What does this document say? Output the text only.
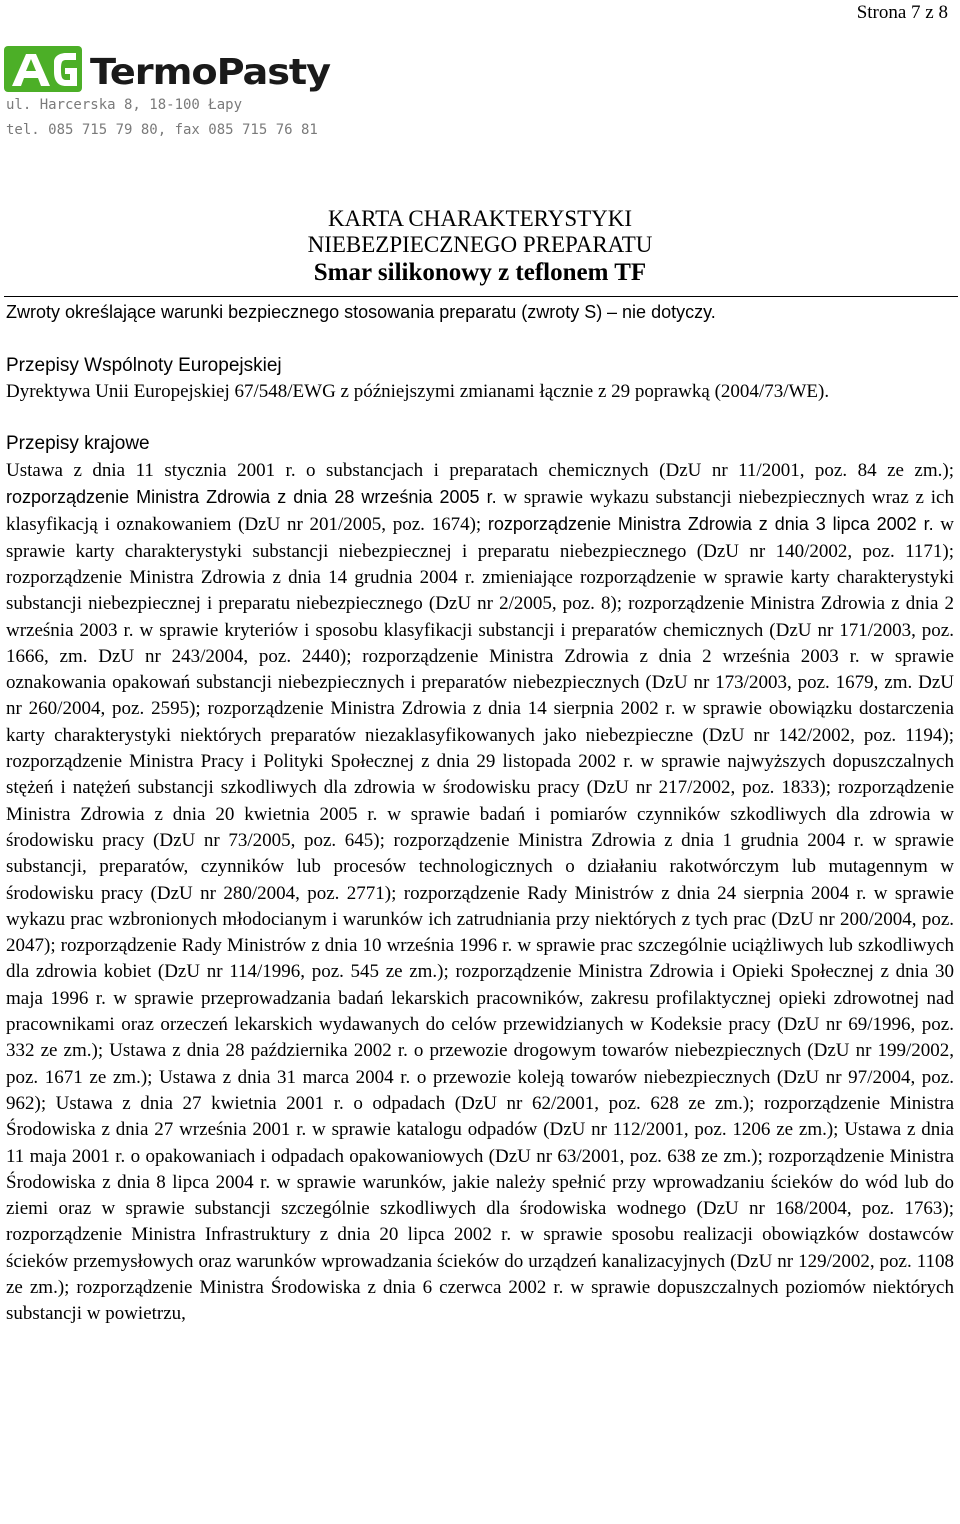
Strona 7 z 8
TermoPasty
ul. Harcerska 8, 18-100 Łapy
tel. 085 715 79 80, fax 085 715 76 81
KARTA CHARAKTERYSTYKI
NIEBEZPIECZNEGO PREPARATU
Smar silikonowy z teflonem TF

Zwroty określające warunki bezpiecznego stosowania preparatu (zwroty S) – nie dotyczy.

Przepisy Wspólnoty Europejskiej

Dyrektywa Unii Europejskiej 67/548/EWG z późniejszymi zmianami łącznie z 29 poprawką (2004/73/WE).

Przepisy krajowe

Ustawa z dnia 11 stycznia 2001 r. o substancjach i preparatach chemicznych (DzU nr 11/2001, poz. 84 ze zm.); rozporządzenie Ministra Zdrowia z dnia 28 września 2005 r. w sprawie wykazu substancji niebezpiecznych wraz z ich klasyfikacją i oznakowaniem (DzU nr 201/2005, poz. 1674); rozporządzenie Ministra Zdrowia z dnia 3 lipca 2002 r. w sprawie karty charakterystyki substancji niebezpiecznej i preparatu niebezpiecznego (DzU nr 140/2002, poz. 1171); rozporządzenie Ministra Zdrowia z dnia 14 grudnia 2004 r. zmieniające rozporządzenie w sprawie karty charakterystyki substancji niebezpiecznej i preparatu niebezpiecznego (DzU nr 2/2005, poz. 8); rozporządzenie Ministra Zdrowia z dnia 2 września 2003 r. w sprawie kryteriów i sposobu klasyfikacji substancji i preparatów chemicznych (DzU nr 171/2003, poz. 1666, zm. DzU nr 243/2004, poz. 2440); rozporządzenie Ministra Zdrowia z dnia 2 września 2003 r. w sprawie oznakowania opakowań substancji niebezpiecznych i preparatów niebezpiecznych (DzU nr 173/2003, poz. 1679, zm. DzU nr 260/2004, poz. 2595); rozporządzenie Ministra Zdrowia z dnia 14 sierpnia 2002 r. w sprawie obowiązku dostarczenia karty charakterystyki niektórych preparatów niezaklasyfikowanych jako niebezpieczne (DzU nr 142/2002, poz. 1194); rozporządzenie Ministra Pracy i Polityki Społecznej z dnia 29 listopada 2002 r. w sprawie najwyższych dopuszczalnych stężeń i natężeń substancji szkodliwych dla zdrowia w środowisku pracy (DzU nr 217/2002, poz. 1833); rozporządzenie Ministra Zdrowia z dnia 20 kwietnia 2005 r. w sprawie badań i pomiarów czynników szkodliwych dla zdrowia w środowisku pracy (DzU nr 73/2005, poz. 645); rozporządzenie Ministra Zdrowia z dnia 1 grudnia 2004 r. w sprawie substancji, preparatów, czynników lub procesów technologicznych o działaniu rakotwórczym lub mutagennym w środowisku pracy (DzU nr 280/2004, poz. 2771); rozporządzenie Rady Ministrów z dnia 24 sierpnia 2004 r. w sprawie wykazu prac wzbronionych młodocianym i warunków ich zatrudniania przy niektórych z tych prac (DzU nr 200/2004, poz. 2047); rozporządzenie Rady Ministrów z dnia 10 września 1996 r. w sprawie prac szczególnie uciążliwych lub szkodliwych dla zdrowia kobiet (DzU nr 114/1996, poz. 545 ze zm.); rozporządzenie Ministra Zdrowia i Opieki Społecznej z dnia 30 maja 1996 r. w sprawie przeprowadzania badań lekarskich pracowników, zakresu profilaktycznej opieki zdrowotnej nad pracownikami oraz orzeczeń lekarskich wydawanych do celów przewidzianych w Kodeksie pracy (DzU nr 69/1996, poz. 332 ze zm.); Ustawa z dnia 28 października 2002 r. o przewozie drogowym towarów niebezpiecznych (DzU nr 199/2002, poz. 1671 ze zm.); Ustawa z dnia 31 marca 2004 r. o przewozie koleją towarów niebezpiecznych (DzU nr 97/2004, poz. 962); Ustawa z dnia 27 kwietnia 2001 r. o odpadach (DzU nr 62/2001, poz. 628 ze zm.); rozporządzenie Ministra Środowiska z dnia 27 września 2001 r. w sprawie katalogu odpadów (DzU nr 112/2001, poz. 1206 ze zm.); Ustawa z dnia 11 maja 2001 r. o opakowaniach i odpadach opakowaniowych (DzU nr 63/2001, poz. 638 ze zm.); rozporządzenie Ministra Środowiska z dnia 8 lipca 2004 r. w sprawie warunków, jakie należy spełnić przy wprowadzaniu ścieków do wód lub do ziemi oraz w sprawie substancji szczególnie szkodliwych dla środowiska wodnego (DzU nr 168/2004, poz. 1763); rozporządzenie Ministra Infrastruktury z dnia 20 lipca 2002 r. w sprawie sposobu realizacji obowiązków dostawców ścieków przemysłowych oraz warunków wprowadzania ścieków do urządzeń kanalizacyjnych (DzU nr 129/2002, poz. 1108 ze zm.); rozporządzenie Ministra Środowiska z dnia 6 czerwca 2002 r. w sprawie dopuszczalnych poziomów niektórych substancji w powietrzu,
